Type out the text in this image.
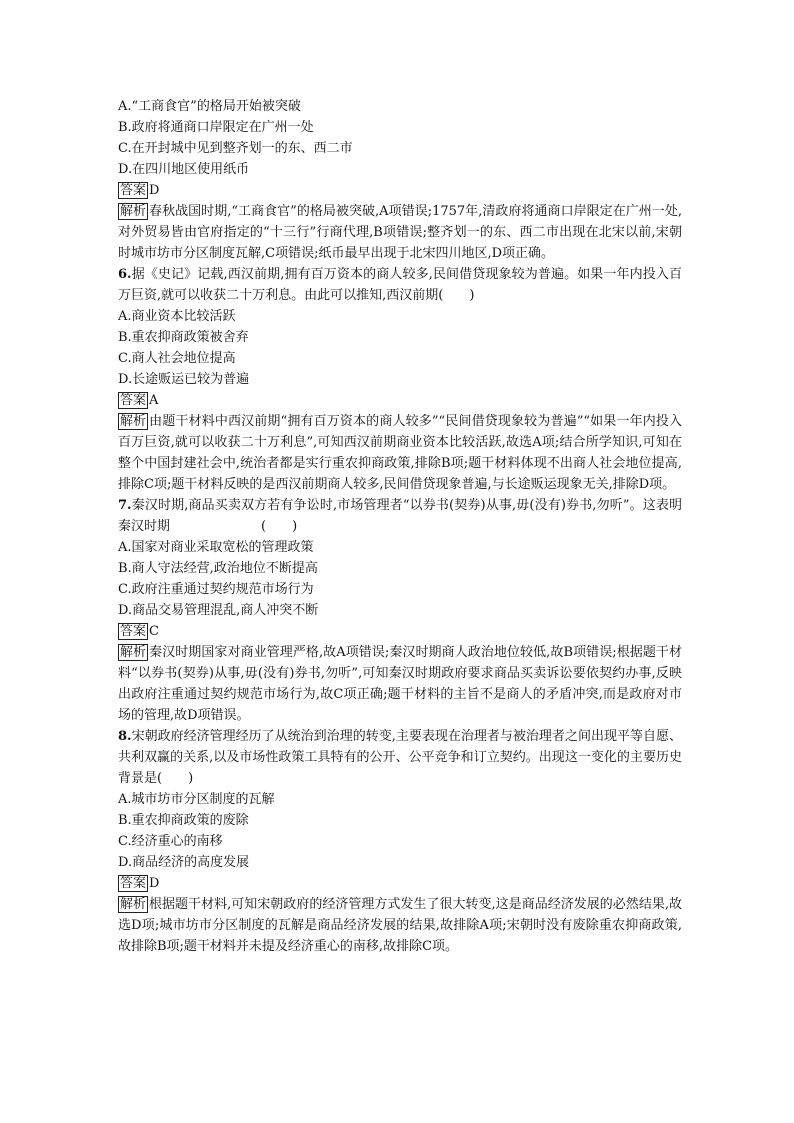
A.“工商食官”的格局开始被突破
B.政府将通商口岸限定在广州一处
C.在开封城中见到整齐划一的东、西二市
D.在四川地区使用纸币
答案 D
解析 春秋战国时期,“工商食官”的格局被突破,A项错误;1757年,清政府将通商口岸限定在广州一处,对外贸易皆由官府指定的“十三行”行商代理,B项错误;整齐划一的东、西二市出现在北宋以前,宋朝时城市坊市分区制度瓦解,C项错误;纸币最早出现于北宋四川地区,D项正确。
6.据《史记》记载,西汉前期,拥有百万资本的商人较多,民间借贷现象较为普遍。如果一年内投入百万巨资,就可以收获二十万利息。由此可以推知,西汉前期(　　)
A.商业资本比较活跃
B.重农抑商政策被舍弃
C.商人社会地位提高
D.长途贩运已较为普遍
答案 A
解析 由题干材料中西汉前期“拥有百万资本的商人较多”“民间借贷现象较为普遍”“如果一年内投入百万巨资,就可以收获二十万利息”,可知西汉前期商业资本比较活跃,故选A项;结合所学知识,可知在整个中国封建社会中,统治者都是实行重农抑商政策,排除B项;题干材料体现不出商人社会地位提高,排除C项;题干材料反映的是西汉前期商人较多,民间借贷现象普遍,与长途贩运现象无关,排除D项。
7.秦汉时期,商品买卖双方若有争讼时,市场管理者“以券书(契券)从事,毋(没有)券书,勿听”。这表明秦汉时期　　　　　　　(　　)
A.国家对商业采取宽松的管理政策
B.商人守法经营,政治地位不断提高
C.政府注重通过契约规范市场行为
D.商品交易管理混乱,商人冲突不断
答案 C
解析 秦汉时期国家对商业管理严格,故A项错误;秦汉时期商人政治地位较低,故B项错误;根据题干材料“以券书(契券)从事,毋(没有)券书,勿听”,可知秦汉时期政府要求商品买卖诉讼要依契约办事,反映出政府注重通过契约规范市场行为,故C项正确;题干材料的主旨不是商人的矛盾冲突,而是政府对市场的管理,故D项错误。
8.宋朝政府经济管理经历了从统治到治理的转变,主要表现在治理者与被治理者之间出现平等自愿、共利双赢的关系,以及市场性政策工具特有的公开、公平竞争和订立契约。出现这一变化的主要历史背景是(　　)
A.城市坊市分区制度的瓦解
B.重农抑商政策的废除
C.经济重心的南移
D.商品经济的高度发展
答案 D
解析 根据题干材料,可知宋朝政府的经济管理方式发生了很大转变,这是商品经济发展的必然结果,故选D项;城市坊市分区制度的瓦解是商品经济发展的结果,故排除A项;宋朝时没有废除重农抑商政策,故排除B项;题干材料并未提及经济重心的南移,故排除C项。
